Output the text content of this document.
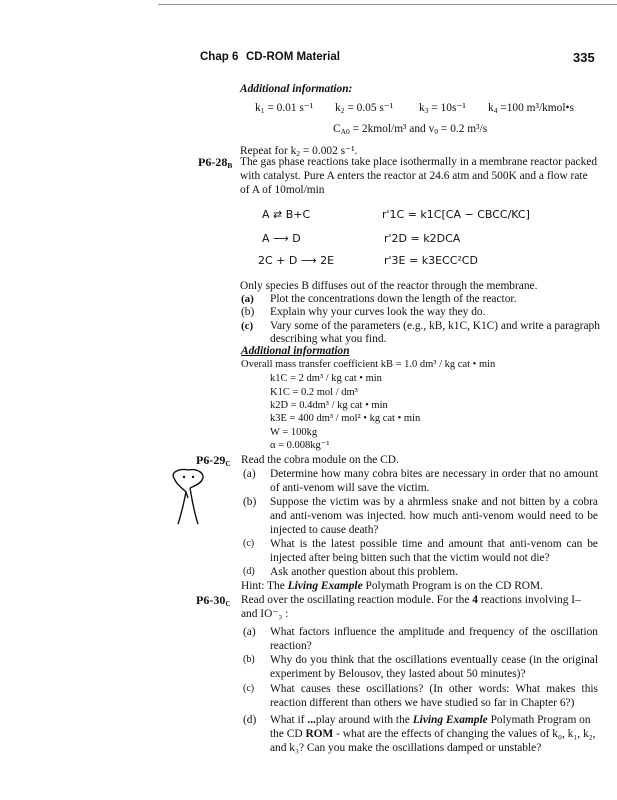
Chap 6 CD-ROM Material	335
Additional information:
k1 = 0.01 s⁻¹ k2 = 0.05 s⁻¹ k3 = 10s⁻¹ k4 =100 m³/kmol•s
CA0 = 2kmol/m³ and v0 = 0.2 m³/s
Repeat for k2 = 0.002 s⁻¹.
P6-28B The gas phase reactions take place isothermally in a membrane reactor packed
with catalyst. Pure A enters the reactor at 24.6 atm and 500K and a flow rate
of A of 10mol/min
A ⇄ B+C
A ⟶ D
2C + D ⟶ 2E
r'1C = k1C[CA − CBCC/KC]
r'2D = k2DCA
r'3E = k3ECC²CD
Only species B diffuses out of the reactor through the membrane.
(a) Plot the concentrations down the length of the reactor.
(b) Explain why your curves look the way they do.
(c) Vary some of the parameters (e.g., kB, k1C, K1C) and write a paragraph
describing what you find.
Additional information
Overall mass transfer coefficient kB = 1.0 dm³ / kg cat • min
k1C = 2 dm³ / kg cat • min
K1C = 0.2 mol / dm³
k2D = 0.4dm³ / kg cat • min
k3E = 400 dm³ / mol² • kg cat • min
W = 100kg
α = 0.008kg⁻¹
P6-29C Read the cobra module on the CD.
(a) Determine how many cobra bites are necessary in order that no amount of anti-venom will save the victim.
(b) Suppose the victim was by a ahrmless snake and not bitten by a cobra and anti-venom was injected. how much anti-venom would need to be injected to cause death?
(c) What is the latest possible time and amount that anti-venom can be injected after being bitten such that the victim would not die?
(d) Ask another question about this problem.
Hint: The Living Example Polymath Program is on the CD ROM.
P6-30C Read over the oscillating reaction module. For the 4 reactions involving I–
and IO⁻₃ :
(a) What factors influence the amplitude and frequency of the oscillation reaction?
(b) Why do you think that the oscillations eventually cease (in the original experiment by Belousov, they lasted about 50 minutes)?
(c) What causes these oscillations? (In other words: What makes this reaction different than others we have studied so far in Chapter 6?)
(d) What if ...play around with the Living Example Polymath Program on
the CD ROM - what are the effects of changing the values of k₀, k₁, k₂,
and k₃? Can you make the oscillations damped or unstable?
